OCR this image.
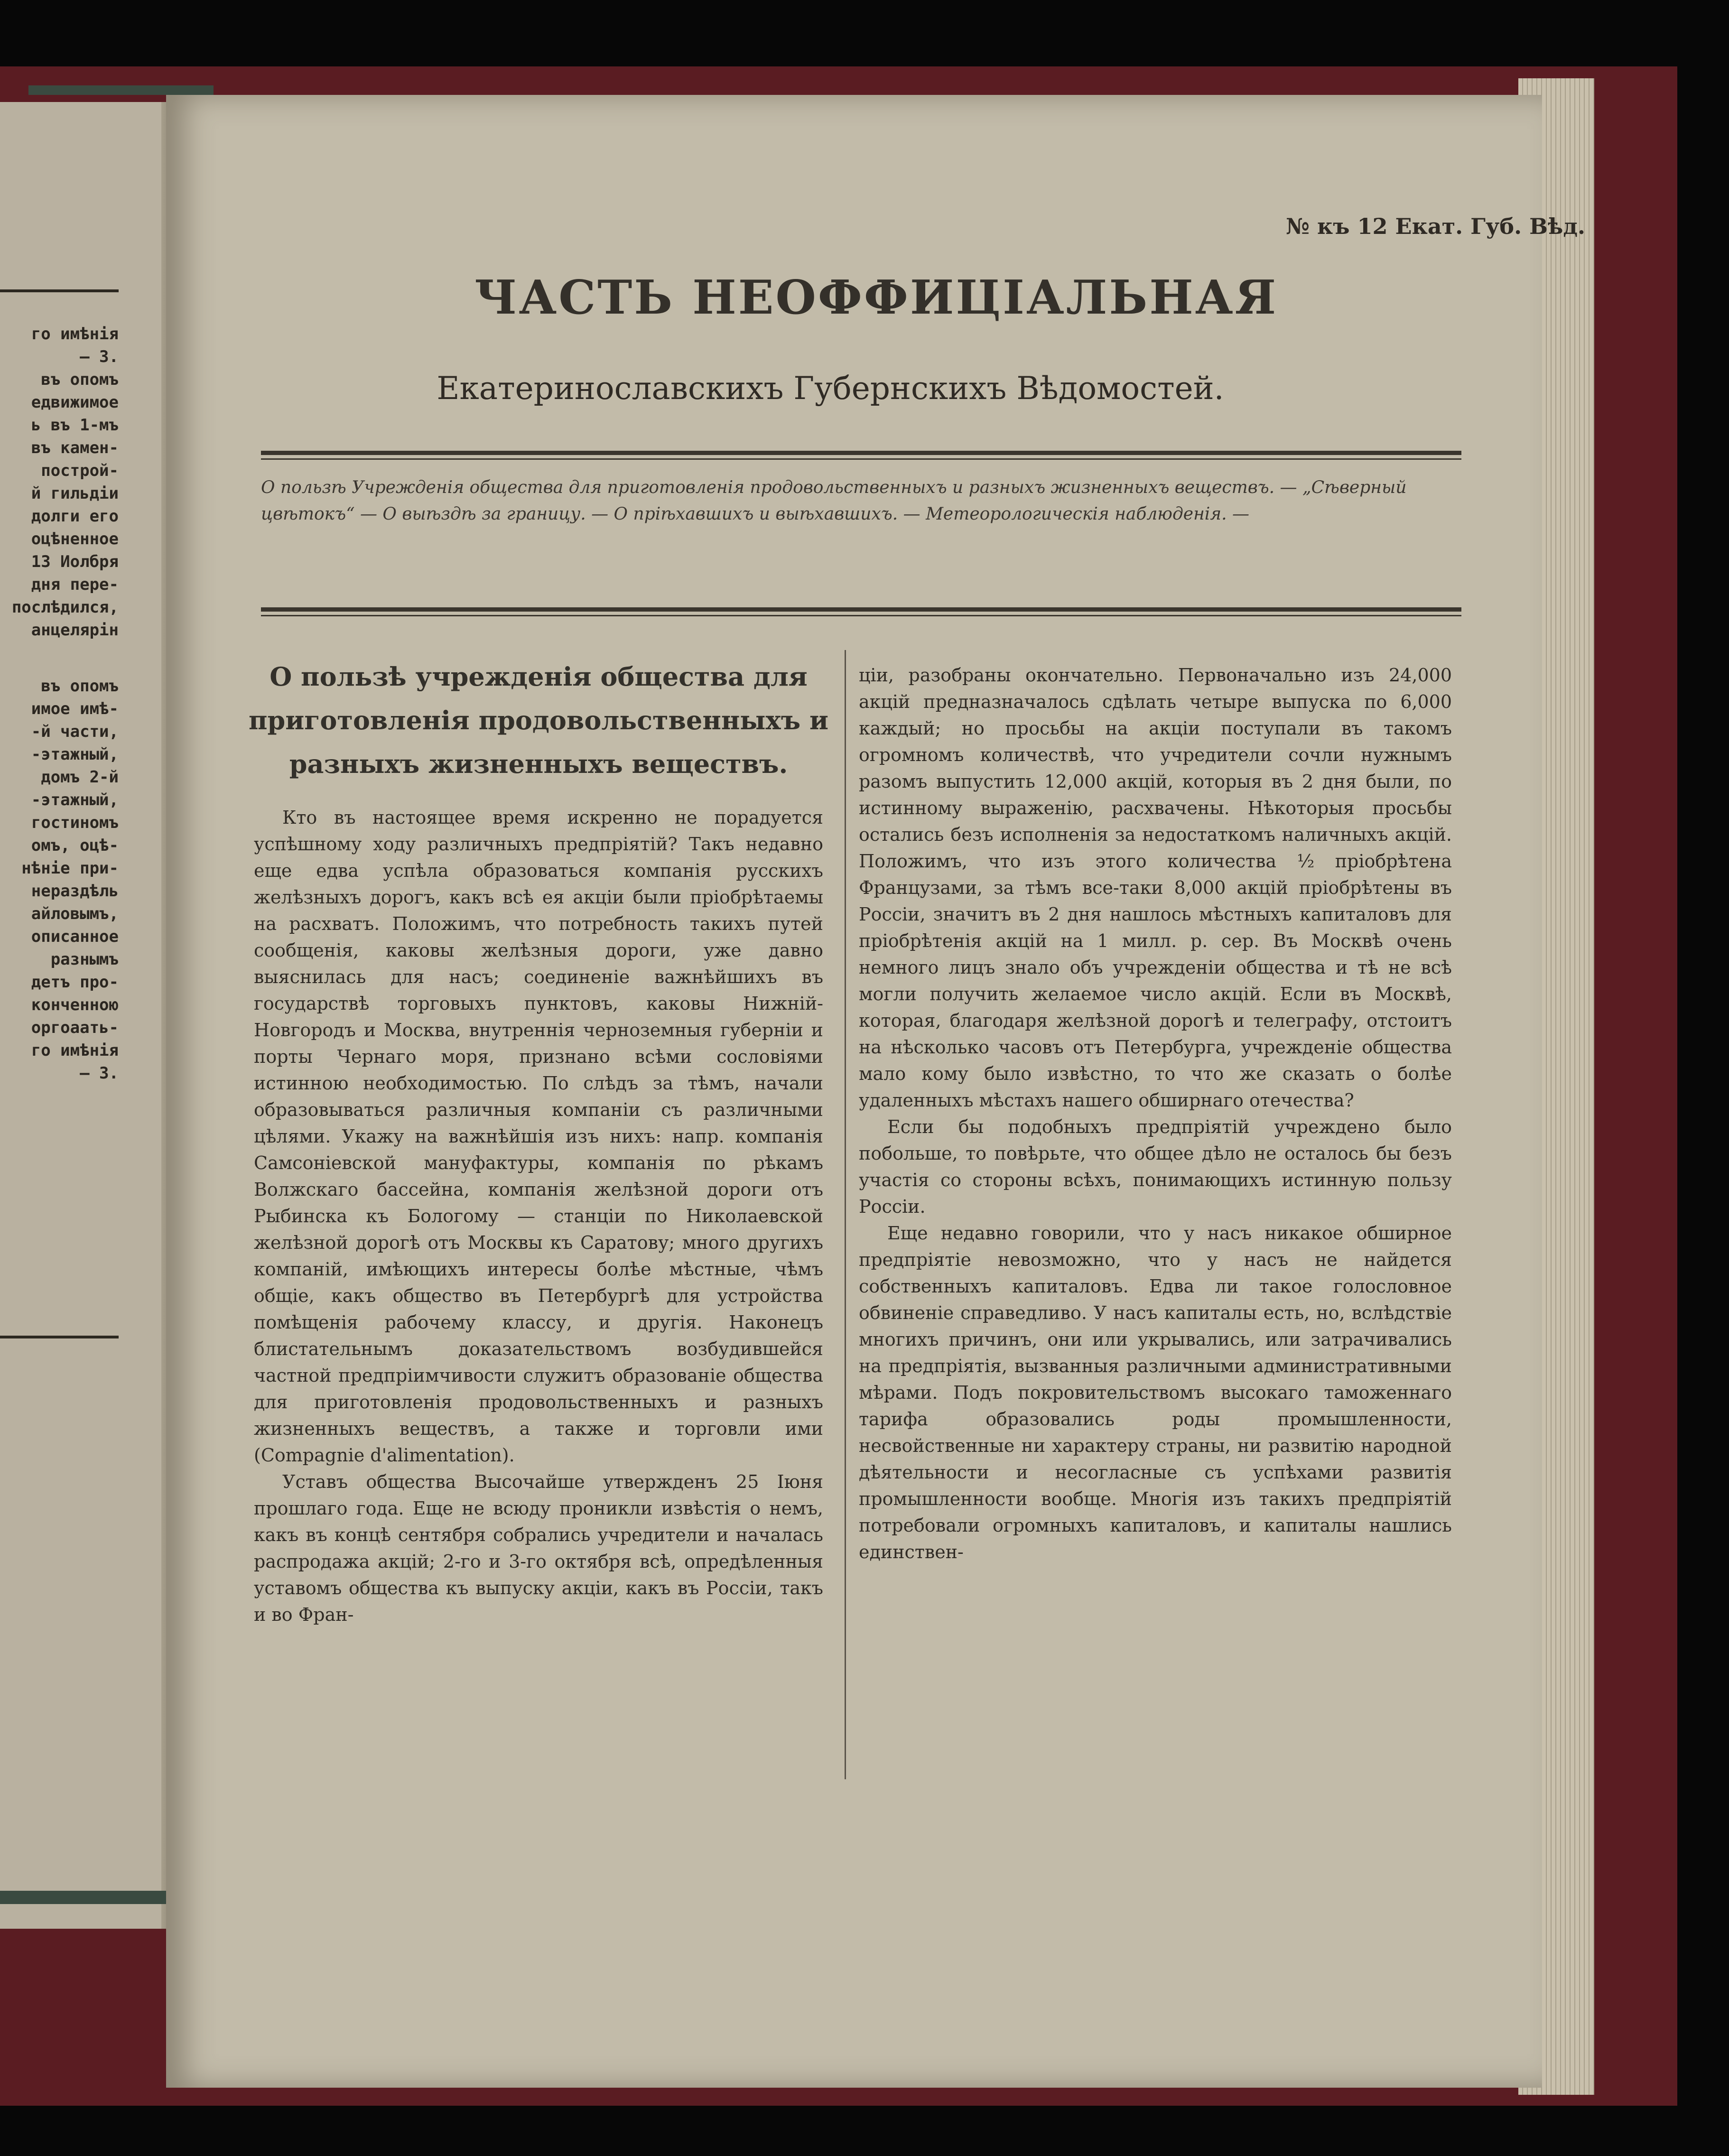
го имѣнія
— 3.
въ опомъ
едвижимое
ь въ 1-мъ
въ камен-
построй-
й гильдіи
долги его
оцѣненное
13 Иолбря
дня пере-
послѣдился,
анцелярін
въ опомъ
имое имѣ-
-й части,
-этажный,
домъ 2-й
-этажный,
гостиномъ
омъ, оцѣ-
нѣніе при-
нераздѣль
айловымъ,
описанное
разнымъ
детъ про-
конченною
оргоаать-
го имѣнія
— 3.
№ къ 12 Екат. Губ. Вѣд.
ЧАСТЬ НЕОФФИЦІАЛЬНАЯ
Екатеринославскихъ Губернскихъ Вѣдомостей.
О пользѣ Учрежденія общества для приготовленія продовольственныхъ и разныхъ жизненныхъ веществъ. — „Сѣверный цвѣтокъ“ — О выѣздѣ за границу. — О пріѣхавшихъ и выѣхавшихъ. — Метеорологическія наблюденія. —
О пользѣ учрежденія общества для приготовленія продовольственныхъ и разныхъ жизненныхъ веществъ.

Кто въ настоящее время искренно не порадуется успѣшному ходу различныхъ предпріятій? Такъ недавно еще едва успѣла образоваться компанія русскихъ желѣзныхъ дорогъ, какъ всѣ ея акціи были пріобрѣтаемы на расхватъ. Положимъ, что потребность такихъ путей сообщенія, каковы желѣзныя дороги, уже давно выяснилась для насъ; соединеніе важнѣйшихъ въ государствѣ торговыхъ пунктовъ, каковы Нижній-Новгородъ и Москва, внутреннія черноземныя губерніи и порты Чернаго моря, признано всѣми сословіями истинною необходимостью. По слѣдъ за тѣмъ, начали образовываться различныя компаніи съ различными цѣлями. Укажу на важнѣйшія изъ нихъ: напр. компанія Самсоніевской мануфактуры, компанія по рѣкамъ Волжскаго бассейна, компанія желѣзной дороги отъ Рыбинска къ Бологому — станціи по Николаевской желѣзной дорогѣ отъ Москвы къ Саратову; много другихъ компаній, имѣющихъ интересы болѣе мѣстные, чѣмъ общіе, какъ общество въ Петербургѣ для устройства помѣщенія рабочему классу, и другія. Наконецъ блистательнымъ доказательствомъ возбудившейся частной предпріимчивости служитъ образованіе общества для приготовленія продовольственныхъ и разныхъ жизненныхъ веществъ, а также и торговли ими (Compagnie d'alimentation).

Уставъ общества Высочайше утвержденъ 25 Іюня прошлаго года. Еще не всюду проникли извѣстія о немъ, какъ въ концѣ сентября собрались учредители и началась распродажа акцій; 2-го и 3-го октября всѣ, опредѣленныя уставомъ общества къ выпуску акціи, какъ въ Россіи, такъ и во Фран-

ціи, разобраны окончательно. Первоначально изъ 24,000 акцій предназначалось сдѣлать четыре выпуска по 6,000 каждый; но просьбы на акціи поступали въ такомъ огромномъ количествѣ, что учредители сочли нужнымъ разомъ выпустить 12,000 акцій, которыя въ 2 дня были, по истинному выраженію, расхвачены. Нѣкоторыя просьбы остались безъ исполненія за недостаткомъ наличныхъ акцій. Положимъ, что изъ этого количества ½ пріобрѣтена Французами, за тѣмъ все-таки 8,000 акцій пріобрѣтены въ Россіи, значитъ въ 2 дня нашлось мѣстныхъ капиталовъ для пріобрѣтенія акцій на 1 милл. р. сер. Въ Москвѣ очень немного лицъ знало объ учрежденіи общества и тѣ не всѣ могли получить желаемое число акцій. Если въ Москвѣ, которая, благодаря желѣзной дорогѣ и телеграфу, отстоитъ на нѣсколько часовъ отъ Петербурга, учрежденіе общества мало кому было извѣстно, то что же сказать о болѣе удаленныхъ мѣстахъ нашего обширнаго отечества?

Если бы подобныхъ предпріятій учреждено было побольше, то повѣрьте, что общее дѣло не осталось бы безъ участія со стороны всѣхъ, понимающихъ истинную пользу Россіи.

Еще недавно говорили, что у насъ никакое обширное предпріятіе невозможно, что у насъ не найдется собственныхъ капиталовъ. Едва ли такое голословное обвиненіе справедливо. У насъ капиталы есть, но, вслѣдствіе многихъ причинъ, они или укрывались, или затрачивались на предпріятія, вызванныя различными административными мѣрами. Подъ покровительствомъ высокаго таможеннаго тарифа образовались роды промышленности, несвойственные ни характеру страны, ни развитію народной дѣятельности и несогласные съ успѣхами развитія промышленности вообще. Многія изъ такихъ предпріятій потребовали огромныхъ капиталовъ, и капиталы нашлись единствен-
